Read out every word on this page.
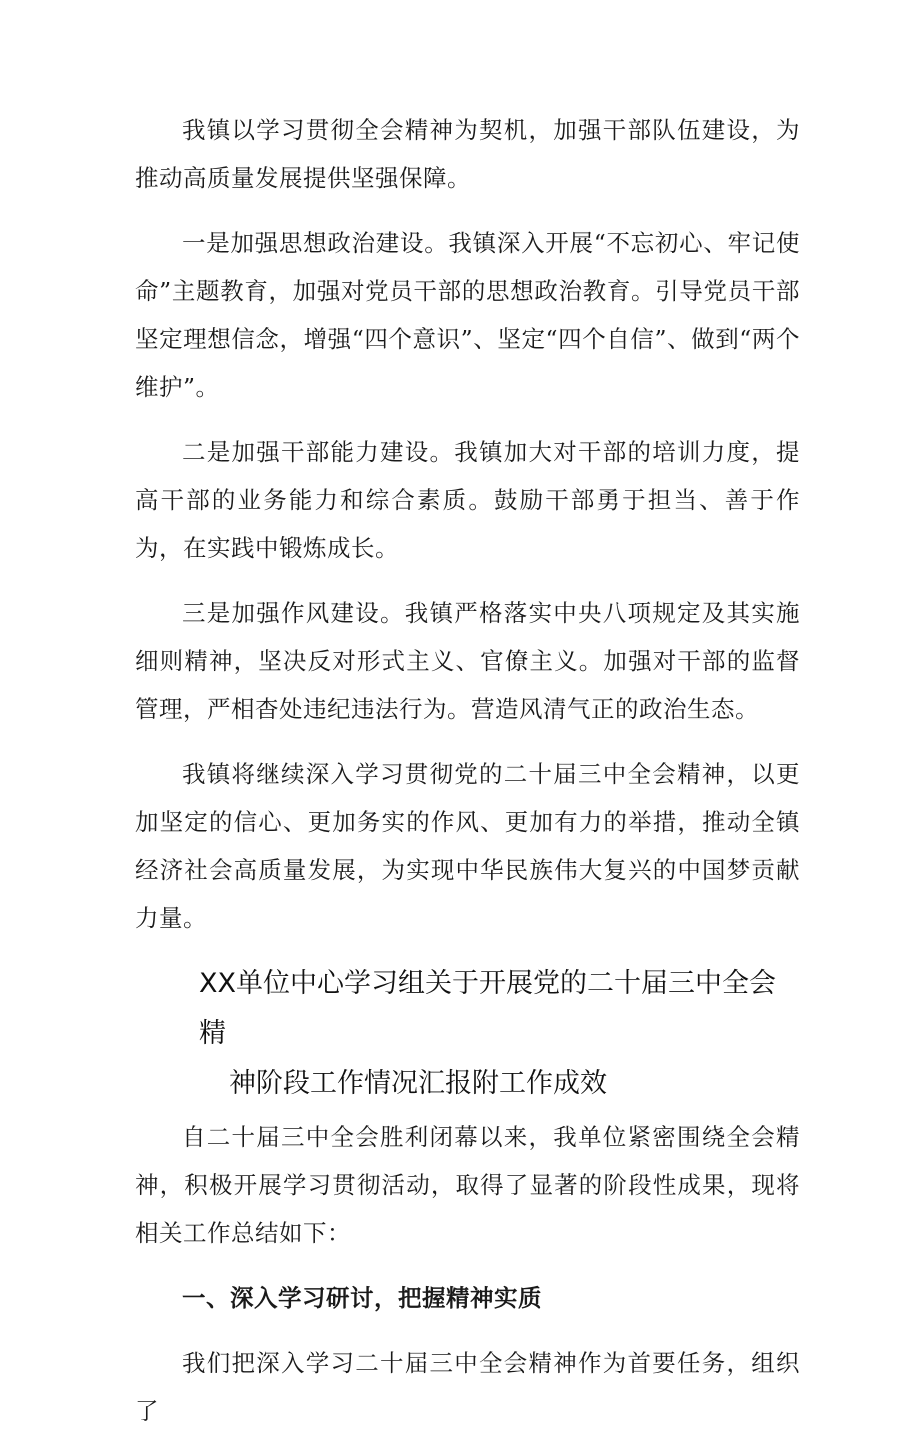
我镇以学习贯彻全会精神为契机，加强干部队伍建设，为推动高质量发展提供坚强保障。

一是加强思想政治建设。我镇深入开展“不忘初心、牢记使命”主题教育，加强对党员干部的思想政治教育。引导党员干部坚定理想信念，增强“四个意识”、坚定“四个自信”、做到“两个维护”。

二是加强干部能力建设。我镇加大对干部的培训力度，提高干部的业务能力和综合素质。鼓励干部勇于担当、善于作为，在实践中锻炼成长。

三是加强作风建设。我镇严格落实中央八项规定及其实施细则精神，坚决反对形式主义、官僚主义。加强对干部的监督管理，严相杳处违纪违法行为。营造风清气正的政治生态。

我镇将继续深入学习贯彻党的二十届三中全会精神，以更加坚定的信心、更加务实的作风、更加有力的举措，推动全镇经济社会高质量发展，为实现中华民族伟大复兴的中国梦贡献力量。

XX单位中心学习组关于开展党的二十届三中全会精
神阶段工作情况汇报附工作成效

自二十届三中全会胜利闭幕以来，我单位紧密围绕全会精神，积极开展学习贯彻活动，取得了显著的阶段性成果，现将相关工作总结如下：

一、深入学习研讨，把握精神实质

我们把深入学习二十届三中全会精神作为首要任务，组织了
